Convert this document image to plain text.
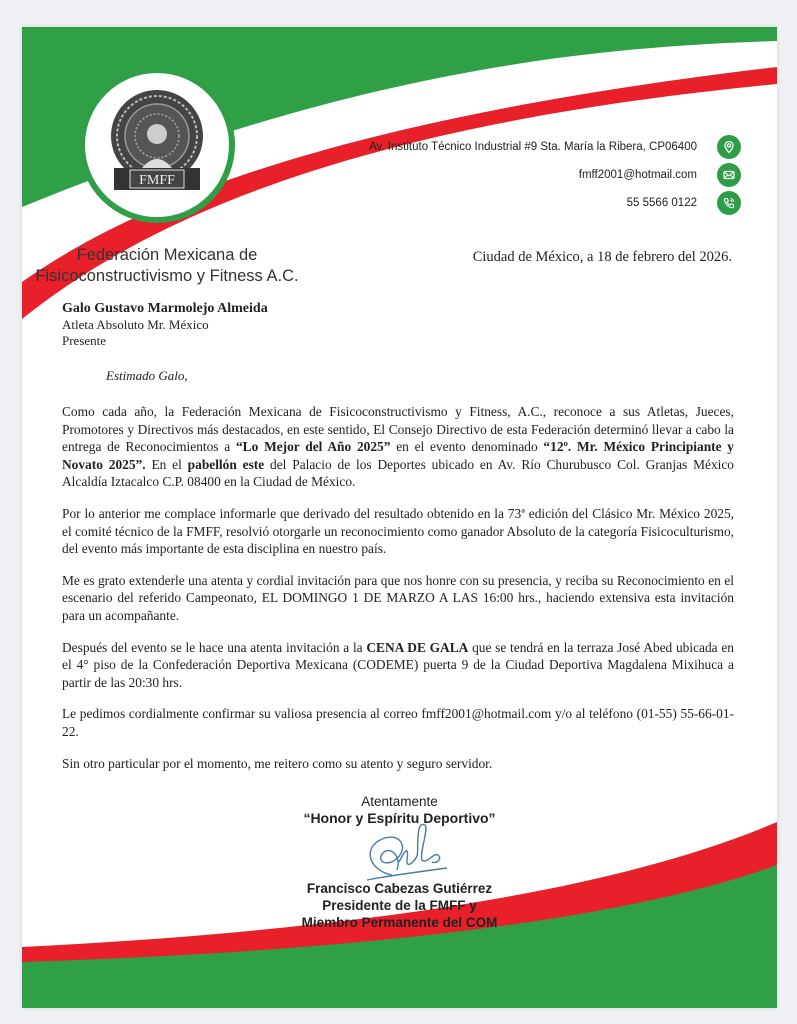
FMFF
Federación Mexicana de
Fisicoconstructivismo y Fitness A.C.
Av. Instituto Técnico Industrial #9 Sta. María la Ribera, CP06400
fmff2001@hotmail.com
55 5566 0122
Ciudad de México, a 18 de febrero del 2026.
Galo Gustavo Marmolejo Almeida
Atleta Absoluto Mr. México
Presente
Estimado Galo,

Como cada año, la Federación Mexicana de Fisicoconstructivismo y Fitness, A.C., reconoce a sus Atletas, Jueces, Promotores y Directivos más destacados, en este sentido, El Consejo Directivo de esta Federación determinó llevar a cabo la entrega de Reconocimientos a “Lo Mejor del Año 2025” en el evento denominado “12º. Mr. México Principiante y Novato 2025”. En el pabellón este del Palacio de los Deportes ubicado en Av. Río Churubusco Col. Granjas México Alcaldía Iztacalco C.P. 08400 en la Ciudad de México.

Por lo anterior me complace informarle que derivado del resultado obtenido en la 73ª edición del Clásico Mr. México 2025, el comité técnico de la FMFF, resolvió otorgarle un reconocimiento como ganador Absoluto de la categoría Fisicoculturismo, del evento más importante de esta disciplina en nuestro país.

Me es grato extenderle una atenta y cordial invitación para que nos honre con su presencia, y reciba su Reconocimiento en el escenario del referido Campeonato, EL DOMINGO 1 DE MARZO A LAS 16:00 hrs., haciendo extensiva esta invitación para un acompañante.

Después del evento se le hace una atenta invitación a la CENA DE GALA que se tendrá en la terraza José Abed ubicada en el 4° piso de la Confederación Deportiva Mexicana (CODEME) puerta 9 de la Ciudad Deportiva Magdalena Mixihuca a partir de las 20:30 hrs.

Le pedimos cordialmente confirmar su valiosa presencia al correo fmff2001@hotmail.com y/o al teléfono (01-55) 55-66-01-22.

Sin otro particular por el momento, me reitero como su atento y seguro servidor.

Atentamente
“Honor y Espíritu Deportivo”
Francisco Cabezas Gutiérrez
Presidente de la FMFF y
Miembro Permanente del COM
